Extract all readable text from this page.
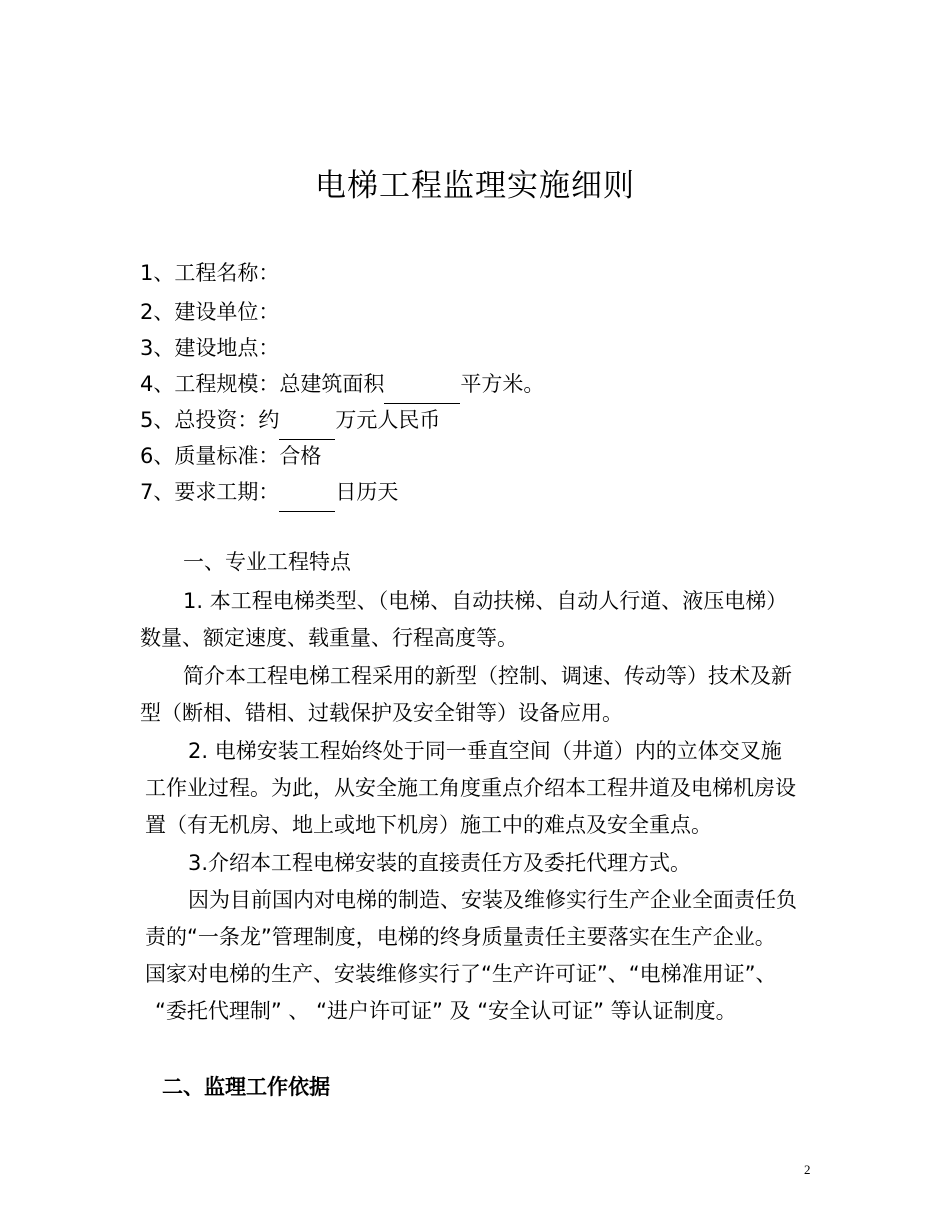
电梯工程监理实施细则
1、工程名称：
2、建设单位：
3、建设地点：
4、工程规模：总建筑面积	平方米。
5、总投资：约	万元人民币
6、质量标准：合格
7、要求工期：	日历天
一、专业工程特点
1. 本工程电梯类型、（电梯、自动扶梯、自动人行道、液压电梯）
数量、额定速度、载重量、行程高度等。
简介本工程电梯工程采用的新型（控制、调速、传动等）技术及新
型（断相、错相、过载保护及安全钳等）设备应用。
2. 电梯安装工程始终处于同一垂直空间（井道）内的立体交叉施
工作业过程。为此，从安全施工角度重点介绍本工程井道及电梯机房设
置（有无机房、地上或地下机房）施工中的难点及安全重点。
3.介绍本工程电梯安装的直接责任方及委托代理方式。
因为目前国内对电梯的制造、安装及维修实行生产企业全面责任负
责的“一条龙”管理制度，电梯的终身质量责任主要落实在生产企业。
国家对电梯的生产、安装维修实行了“生产许可证”、“电梯准用证”、
“委托代理制” 、 “进户许可证” 及 “安全认可证” 等认证制度。
二、监理工作依据
2
